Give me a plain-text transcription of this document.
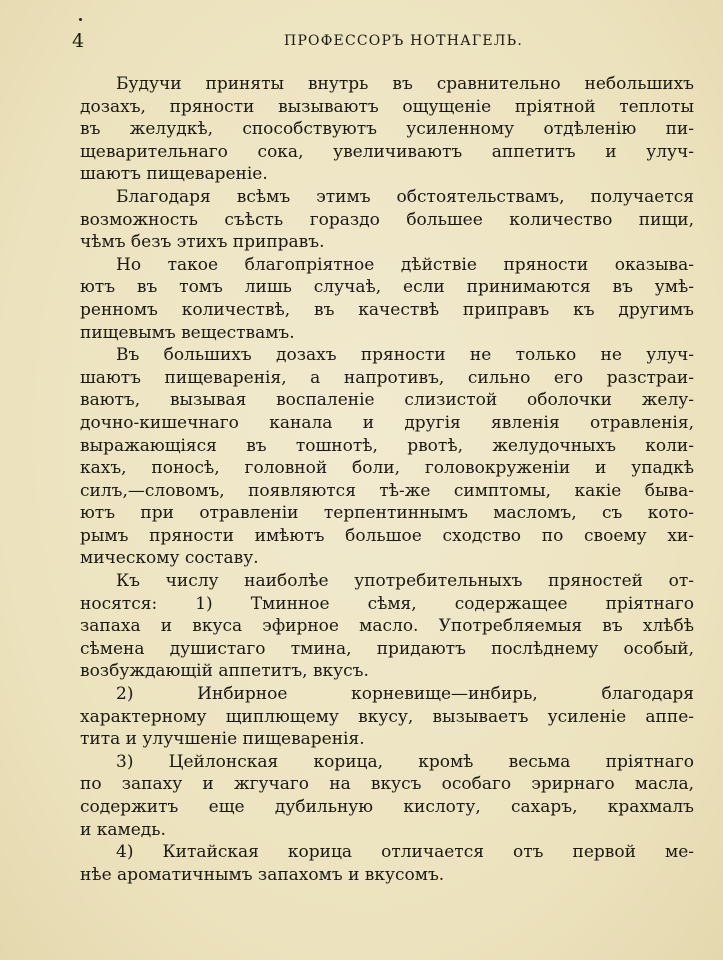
4	ПРОФЕССОРЪ НОТНАГЕЛЬ.

Будучи приняты внутрь въ сравнительно небольшихъ
дозахъ, пряности вызываютъ ощущеніе пріятной теплоты
въ желудкѣ, способствуютъ усиленному отдѣленію пи-
щеварительнаго сока, увеличиваютъ аппетитъ и улуч-
шаютъ пищевареніе.

Благодаря всѣмъ этимъ обстоятельствамъ, получается
возможность съѣсть гораздо большее количество пищи,
чѣмъ безъ этихъ приправъ.

Но такое благопріятное дѣйствіе пряности оказыва-
ютъ въ томъ лишь случаѣ, если принимаются въ умѣ-
ренномъ количествѣ, въ качествѣ приправъ къ другимъ
пищевымъ веществамъ.

Въ большихъ дозахъ пряности не только не улуч-
шаютъ пищеваренія, а напротивъ, сильно его разстраи-
ваютъ, вызывая воспаленіе слизистой оболочки желу-
дочно-кишечнаго канала и другія явленія отравленія,
выражающіяся въ тошнотѣ, рвотѣ, желудочныхъ коли-
кахъ, поносѣ, головной боли, головокруженіи и упадкѣ
силъ,—словомъ, появляются тѣ-же симптомы, какіе быва-
ютъ при отравленіи терпентиннымъ масломъ, съ кото-
рымъ пряности имѣютъ большое сходство по своему хи-
мическому составу.

Къ числу наиболѣе употребительныхъ пряностей от-
носятся: 1) Тминное сѣмя, содержащее пріятнаго
запаха и вкуса эфирное масло. Употребляемыя въ хлѣбѣ
сѣмена душистаго тмина, придаютъ послѣднему особый,
возбуждающій аппетитъ, вкусъ.

2) Инбирное корневище—инбирь, благодаря
характерному щиплющему вкусу, вызываетъ усиленіе аппе-
тита и улучшеніе пищеваренія.

3) Цейлонская корица, кромѣ весьма пріятнаго
по запаху и жгучаго на вкусъ особаго эрирнаго масла,
содержитъ еще дубильную кислоту, сахаръ, крахмалъ
и камедь.

4) Китайская корица отличается отъ первой ме-
нѣе ароматичнымъ запахомъ и вкусомъ.
